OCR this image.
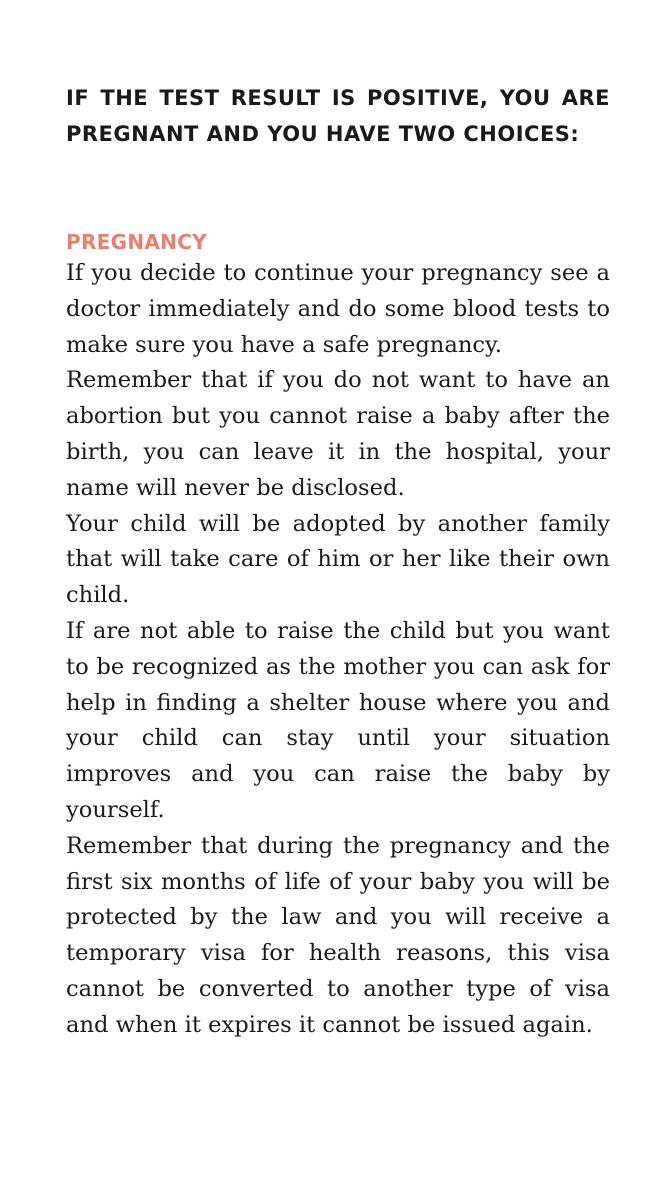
IF THE TEST RESULT IS POSITIVE, YOU ARE PREGNANT AND YOU HAVE TWO CHOICES:
PREGNANCY

If you decide to continue your pregnancy see a doctor immediately and do some blood tests to make sure you have a safe pregnancy.

Remember that if you do not want to have an abortion but you cannot raise a baby after the birth, you can leave it in the hospital, your name will never be disclosed.

Your child will be adopted by another family that will take care of him or her like their own child.

If are not able to raise the child but you want to be recognized as the mother you can ask for help in finding a shelter house where you and your child can stay until your situation improves and you can raise the baby by yourself.

Remember that during the pregnancy and the first six months of life of your baby you will be protected by the law and you will receive a temporary visa for health reasons, this visa cannot be converted to another type of visa and when it expires it cannot be issued again.
